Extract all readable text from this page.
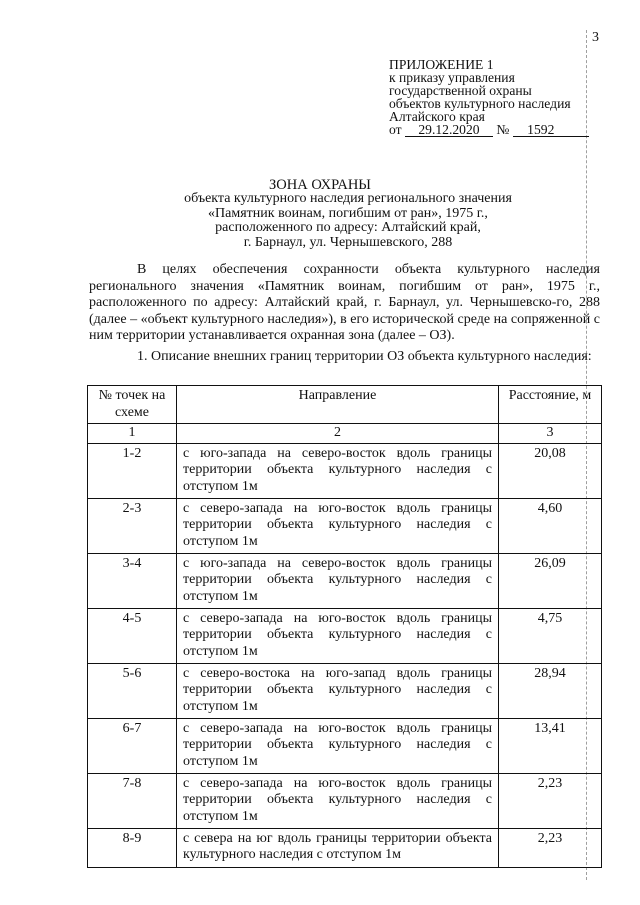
3
ПРИЛОЖЕНИЕ 1
к приказу управления
государственной охраны
объектов культурного наследия
Алтайского края
от 29.12.2020 № 1592
ЗОНА ОХРАНЫ
объекта культурного наследия регионального значения
«Памятник воинам, погибшим от ран», 1975 г.,
расположенного по адресу: Алтайский край,
г. Барнаул, ул. Чернышевского, 288

В целях обеспечения сохранности объекта культурного наследия регионального значения «Памятник воинам, погибшим от ран», 1975 г., расположенного по адресу: Алтайский край, г. Барнаул, ул. Чернышевско-го, 288 (далее – «объект культурного наследия»), в его исторической среде на сопряженной с ним территории устанавливается охранная зона (далее – ОЗ).

1. Описание внешних границ территории ОЗ объекта культурного наследия:

№ точек на схеме	Направление	Расстояние, м
1	2	3
1-2	с юго-запада на северо-восток вдоль границы территории объекта культурного наследия с отступом 1м	20,08
2-3	с северо-запада на юго-восток вдоль границы территории объекта культурного наследия с отступом 1м	4,60
3-4	с юго-запада на северо-восток вдоль границы территории объекта культурного наследия с отступом 1м	26,09
4-5	с северо-запада на юго-восток вдоль границы территории объекта культурного наследия с отступом 1м	4,75
5-6	с северо-востока на юго-запад вдоль границы территории объекта культурного наследия с отступом 1м	28,94
6-7	с северо-запада на юго-восток вдоль границы территории объекта культурного наследия с отступом 1м	13,41
7-8	с северо-запада на юго-восток вдоль границы территории объекта культурного наследия с отступом 1м	2,23
8-9	с севера на юг вдоль границы территории объекта культурного наследия с отступом 1м	2,23
